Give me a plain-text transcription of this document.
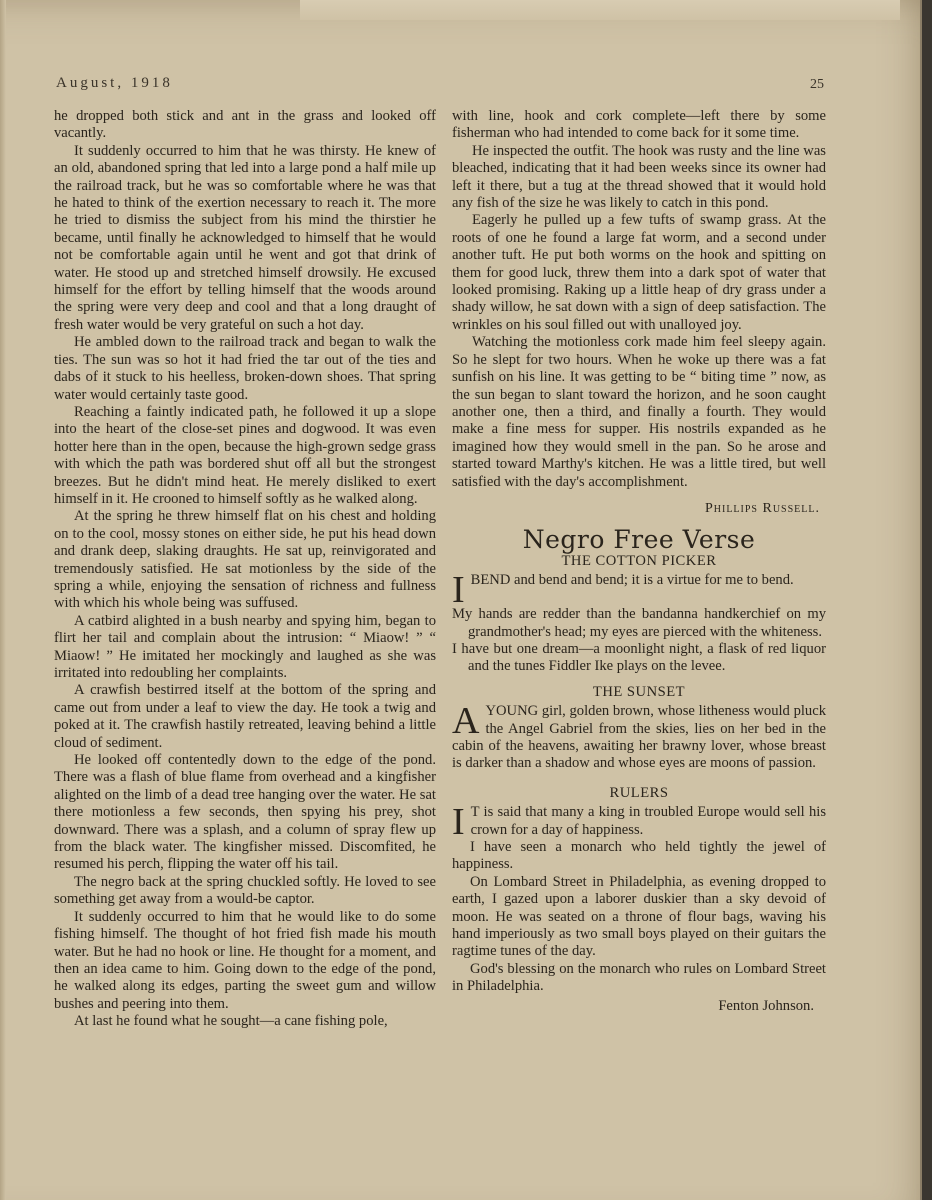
August, 1918	25

he dropped both stick and ant in the grass and looked off vacantly.

It suddenly occurred to him that he was thirsty. He knew of an old, abandoned spring that led into a large pond a half mile up the railroad track, but he was so comfortable where he was that he hated to think of the exertion necessary to reach it. The more he tried to dismiss the subject from his mind the thirstier he became, until finally he acknowledged to himself that he would not be comfortable again until he went and got that drink of water. He stood up and stretched himself drowsily. He excused himself for the effort by telling himself that the woods around the spring were very deep and cool and that a long draught of fresh water would be very grateful on such a hot day.

He ambled down to the railroad track and began to walk the ties. The sun was so hot it had fried the tar out of the ties and dabs of it stuck to his heelless, broken-down shoes. That spring water would certainly taste good.

Reaching a faintly indicated path, he followed it up a slope into the heart of the close-set pines and dogwood. It was even hotter here than in the open, because the high-grown sedge grass with which the path was bordered shut off all but the strongest breezes. But he didn't mind heat. He merely disliked to exert himself in it. He crooned to himself softly as he walked along.

At the spring he threw himself flat on his chest and holding on to the cool, mossy stones on either side, he put his head down and drank deep, slaking draughts. He sat up, reinvigorated and tremendously satisfied. He sat motionless by the side of the spring a while, enjoying the sensation of richness and fullness with which his whole being was suffused.

A catbird alighted in a bush nearby and spying him, began to flirt her tail and complain about the intrusion: “ Miaow! ” “ Miaow! ” He imitated her mockingly and laughed as she was irritated into redoubling her complaints.

A crawfish bestirred itself at the bottom of the spring and came out from under a leaf to view the day. He took a twig and poked at it. The crawfish hastily retreated, leaving behind a little cloud of sediment.

He looked off contentedly down to the edge of the pond. There was a flash of blue flame from overhead and a kingfisher alighted on the limb of a dead tree hanging over the water. He sat there motionless a few seconds, then spying his prey, shot downward. There was a splash, and a column of spray flew up from the black water. The kingfisher missed. Discomfited, he resumed his perch, flipping the water off his tail.

The negro back at the spring chuckled softly. He loved to see something get away from a would-be captor.

It suddenly occurred to him that he would like to do some fishing himself. The thought of hot fried fish made his mouth water. But he had no hook or line. He thought for a moment, and then an idea came to him. Going down to the edge of the pond, he walked along its edges, parting the sweet gum and willow bushes and peering into them.

At last he found what he sought—a cane fishing pole,

with line, hook and cork complete—left there by some fisherman who had intended to come back for it some time.

He inspected the outfit. The hook was rusty and the line was bleached, indicating that it had been weeks since its owner had left it there, but a tug at the thread showed that it would hold any fish of the size he was likely to catch in this pond.

Eagerly he pulled up a few tufts of swamp grass. At the roots of one he found a large fat worm, and a second under another tuft. He put both worms on the hook and spitting on them for good luck, threw them into a dark spot of water that looked promising. Raking up a little heap of dry grass under a shady willow, he sat down with a sign of deep satisfaction. The wrinkles on his soul filled out with unalloyed joy.

Watching the motionless cork made him feel sleepy again. So he slept for two hours. When he woke up there was a fat sunfish on his line. It was getting to be “ biting time ” now, as the sun began to slant toward the horizon, and he soon caught another one, then a third, and finally a fourth. They would make a fine mess for supper. His nostrils expanded as he imagined how they would smell in the pan. So he arose and started toward Marthy's kitchen. He was a little tired, but well satisfied with the day's accomplishment.

Phillips Russell.
Negro Free Verse
THE COTTON PICKER

IBEND and bend and bend; it is a virtue for me to bend.

My hands are redder than the bandanna handkerchief on my grandmother's head; my eyes are pierced with the whiteness.

I have but one dream—a moonlight night, a flask of red liquor and the tunes Fiddler Ike plays on the levee.

THE SUNSET

AYOUNG girl, golden brown, whose litheness would pluck the Angel Gabriel from the skies, lies on her bed in the cabin of the heavens, awaiting her brawny lover, whose breast is darker than a shadow and whose eyes are moons of passion.

RULERS

I T is said that many a king in troubled Europe would sell his crown for a day of happiness.

I have seen a monarch who held tightly the jewel of happiness.

On Lombard Street in Philadelphia, as evening dropped to earth, I gazed upon a laborer duskier than a sky devoid of moon. He was seated on a throne of flour bags, waving his hand imperiously as two small boys played on their guitars the ragtime tunes of the day.

God's blessing on the monarch who rules on Lombard Street in Philadelphia.

Fenton Johnson.
